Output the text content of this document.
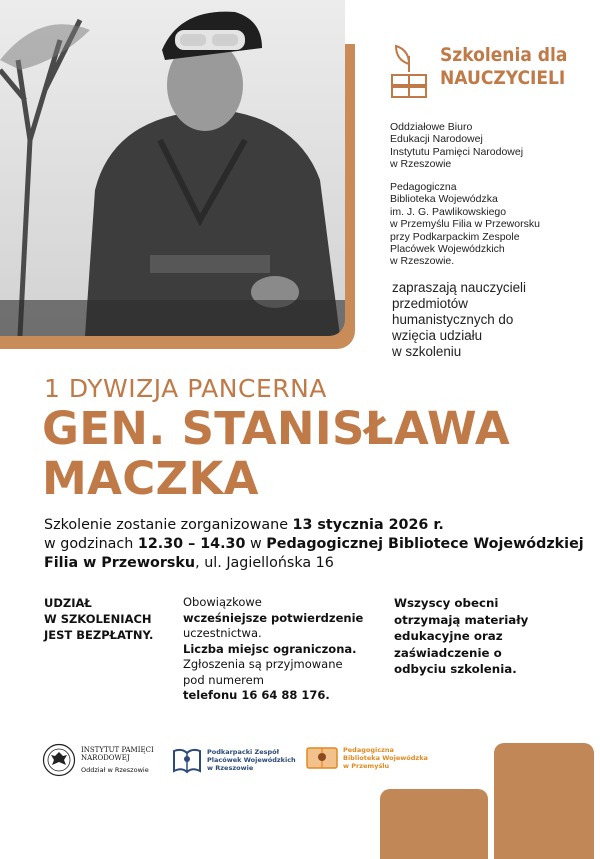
Szkolenia dla
NAUCZYCIELI
Oddziałowe Biuro
Edukacji Narodowej
Instytutu Pamięci Narodowej
w Rzeszowie
Pedagogiczna
Biblioteka Wojewódzka
im. J. G. Pawlikowskiego
w Przemyślu Filia w Przeworsku
przy Podkarpackim Zespole
Placówek Wojewódzkich
w Rzeszowie.
zapraszają nauczycieli
przedmiotów
humanistycznych do
wzięcia udziału
w szkoleniu
1 DYWIZJA PANCERNA
GEN. STANISŁAWA
MACZKA
Szkolenie zostanie zorganizowane 13 stycznia 2026 r.
w godzinach 12.30 – 14.30 w Pedagogicznej Bibliotece Wojewódzkiej Filia w Przeworsku, ul. Jagiellońska 16
UDZIAŁ
W SZKOLENIACH
JEST BEZPŁATNY.
Obowiązkowe
wcześniejsze potwierdzenie
uczestnictwa.
Liczba miejsc ograniczona.
Zgłoszenia są przyjmowane
pod numerem
telefonu 16 64 88 176.
Wszyscy obecni
otrzymają materiały
edukacyjne oraz
zaświadczenie o
odbyciu szkolenia.
INSTYTUT PAMIĘCI
NARODOWEJ
Oddział w Rzeszowie
Podkarpacki Zespół
Placówek Wojewódzkich
w Rzeszowie
Pedagogiczna
Biblioteka Wojewódzka
w Przemyślu
